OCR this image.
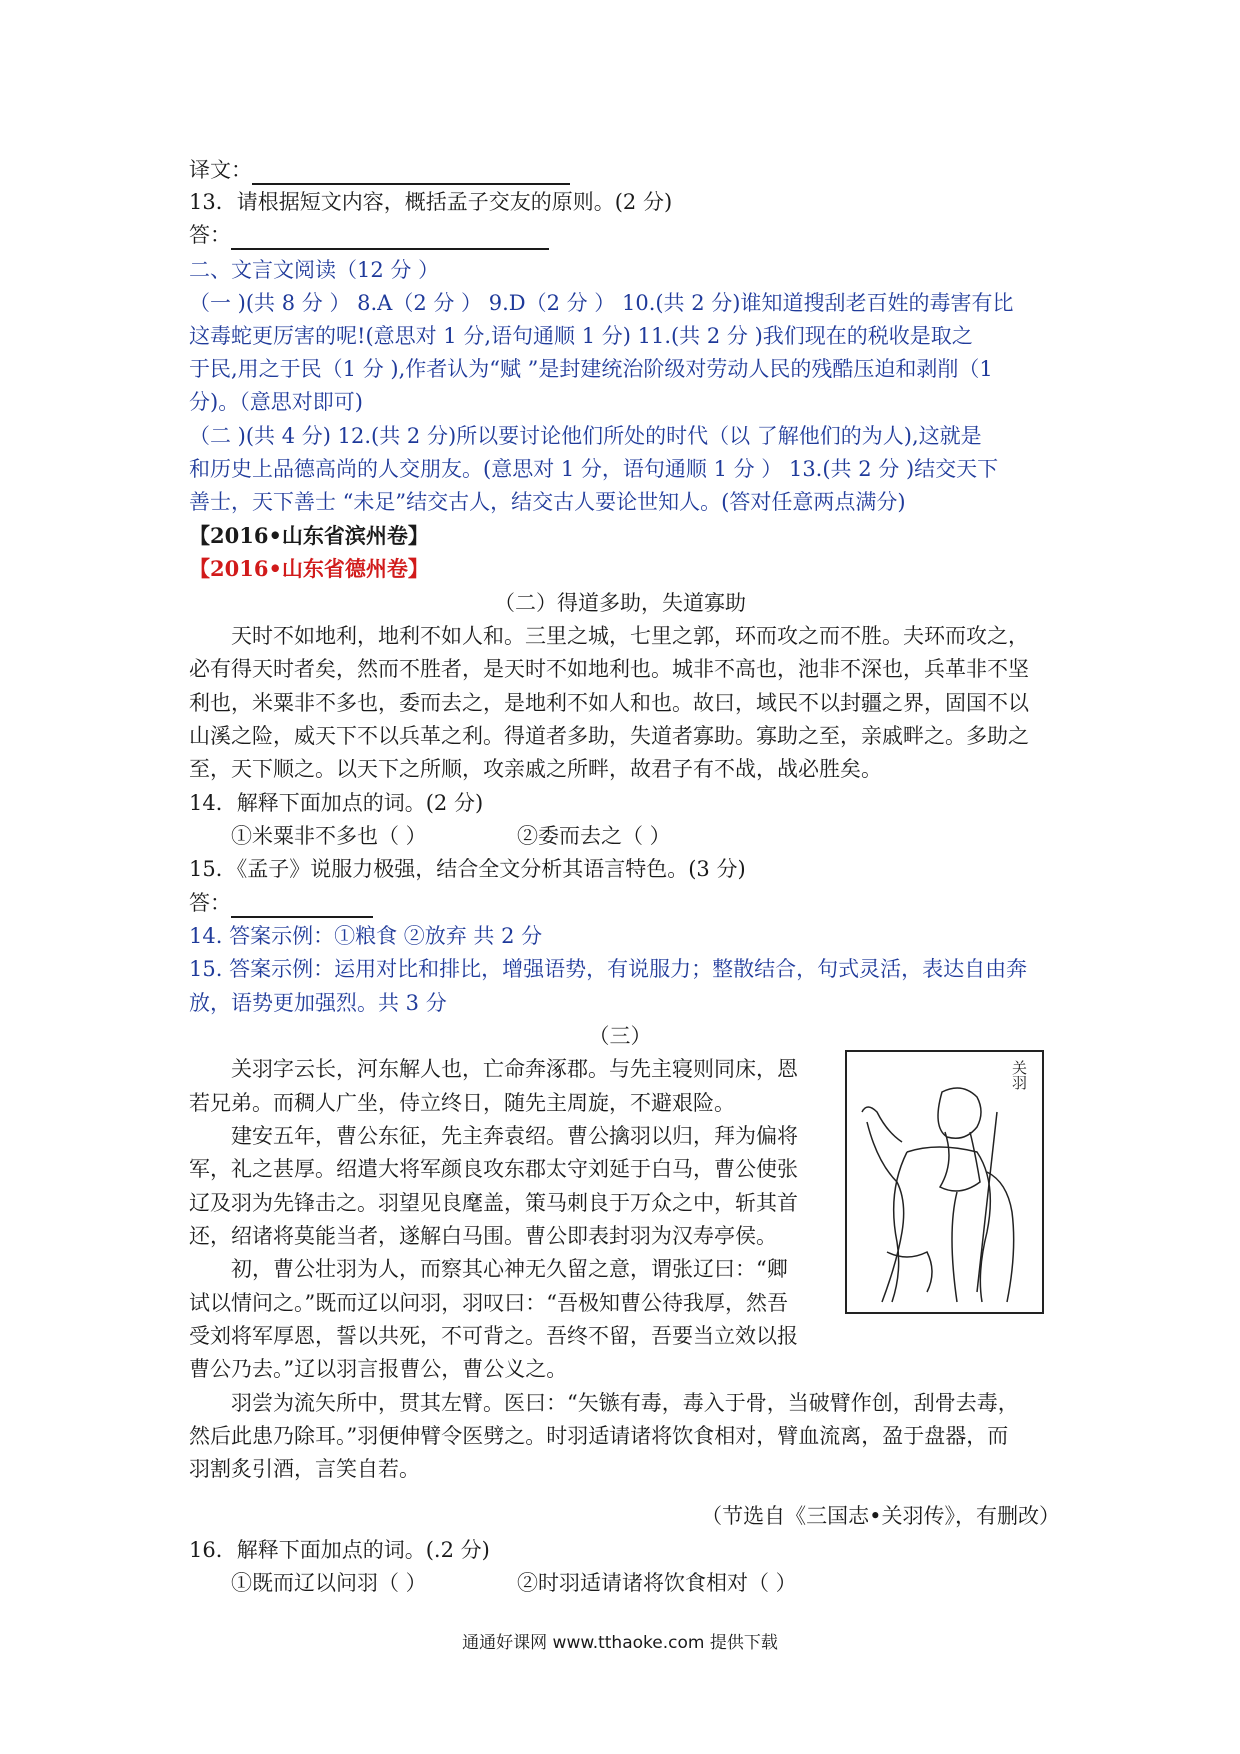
译文：
13．请根据短文内容，概括孟子交友的原则。(2 分)
答：
二、文言文阅读（12 分 ）
（一 )(共 8 分 ） 8.A（2 分 ） 9.D（2 分 ） 10.(共 2 分)谁知道搜刮老百姓的毒害有比
这毒蛇更厉害的呢!(意思对 1 分,语句通顺 1 分) 11.(共 2 分 )我们现在的税收是取之
于民,用之于民（1 分 ),作者认为“赋 ”是封建统治阶级对劳动人民的残酷压迫和剥削（1
分)。（意思对即可)
（二 )(共 4 分) 12.(共 2 分)所以要讨论他们所处的时代（以 了解他们的为人),这就是
和历史上品德高尚的人交朋友。(意思对 1 分，语句通顺 1 分 ） 13.(共 2 分 )结交天下
善士，天下善士 “未足”结交古人，结交古人要论世知人。(答对任意两点满分)
【2016•山东省滨州卷】
【2016•山东省德州卷】
（二）得道多助，失道寡助
　　天时不如地利，地利不如人和。三里之城，七里之郭，环而攻之而不胜。夫环而攻之，
必有得天时者矣，然而不胜者，是天时不如地利也。城非不高也，池非不深也，兵革非不坚
利也，米粟非不多也，委而去之，是地利不如人和也。故曰，域民不以封疆之界，固国不以
山溪之险，威天下不以兵革之利。得道者多助，失道者寡助。寡助之至，亲戚畔之。多助之
至，天下顺之。以天下之所顺，攻亲戚之所畔，故君子有不战，战必胜矣。
14．解释下面加点的词。(2 分)
①米粟非不多也（ ）	②委而去之（ ）
15．《孟子》说服力极强，结合全文分析其语言特色。(3 分)
答：
14. 答案示例：①粮食 ②放弃 共 2 分
15. 答案示例：运用对比和排比，增强语势，有说服力；整散结合，句式灵活，表达自由奔
放，语势更加强烈。共 3 分
（三）
　　关羽字云长，河东解人也，亡命奔涿郡。与先主寝则同床，恩
若兄弟。而稠人广坐，侍立终日，随先主周旋，不避艰险。
　　建安五年，曹公东征，先主奔袁绍。曹公擒羽以归，拜为偏将
军，礼之甚厚。绍遣大将军颜良攻东郡太守刘延于白马，曹公使张
辽及羽为先锋击之。羽望见良麾盖，策马刺良于万众之中，斩其首
还，绍诸将莫能当者，遂解白马围。曹公即表封羽为汉寿亭侯。
　　初，曹公壮羽为人，而察其心神无久留之意，谓张辽曰：“卿
试以情问之。”既而辽以问羽，羽叹曰：“吾极知曹公待我厚，然吾
受刘将军厚恩，誓以共死，不可背之。吾终不留，吾要当立效以报
曹公乃去。”辽以羽言报曹公，曹公义之。
　　羽尝为流矢所中，贯其左臂。医曰：“矢镞有毒，毒入于骨，当破臂作创，刮骨去毒，
然后此患乃除耳。”羽便伸臂令医劈之。时羽适请诸将饮食相对，臂血流离，盈于盘器，而
羽割炙引酒，言笑自若。
（节选自《三国志•关羽传》，有删改）
16．解释下面加点的词。(.2 分)
①既而辽以问羽（ ）	②时羽适请诸将饮食相对（ ）
关羽
通通好课网 www.tthaoke.com 提供下载
